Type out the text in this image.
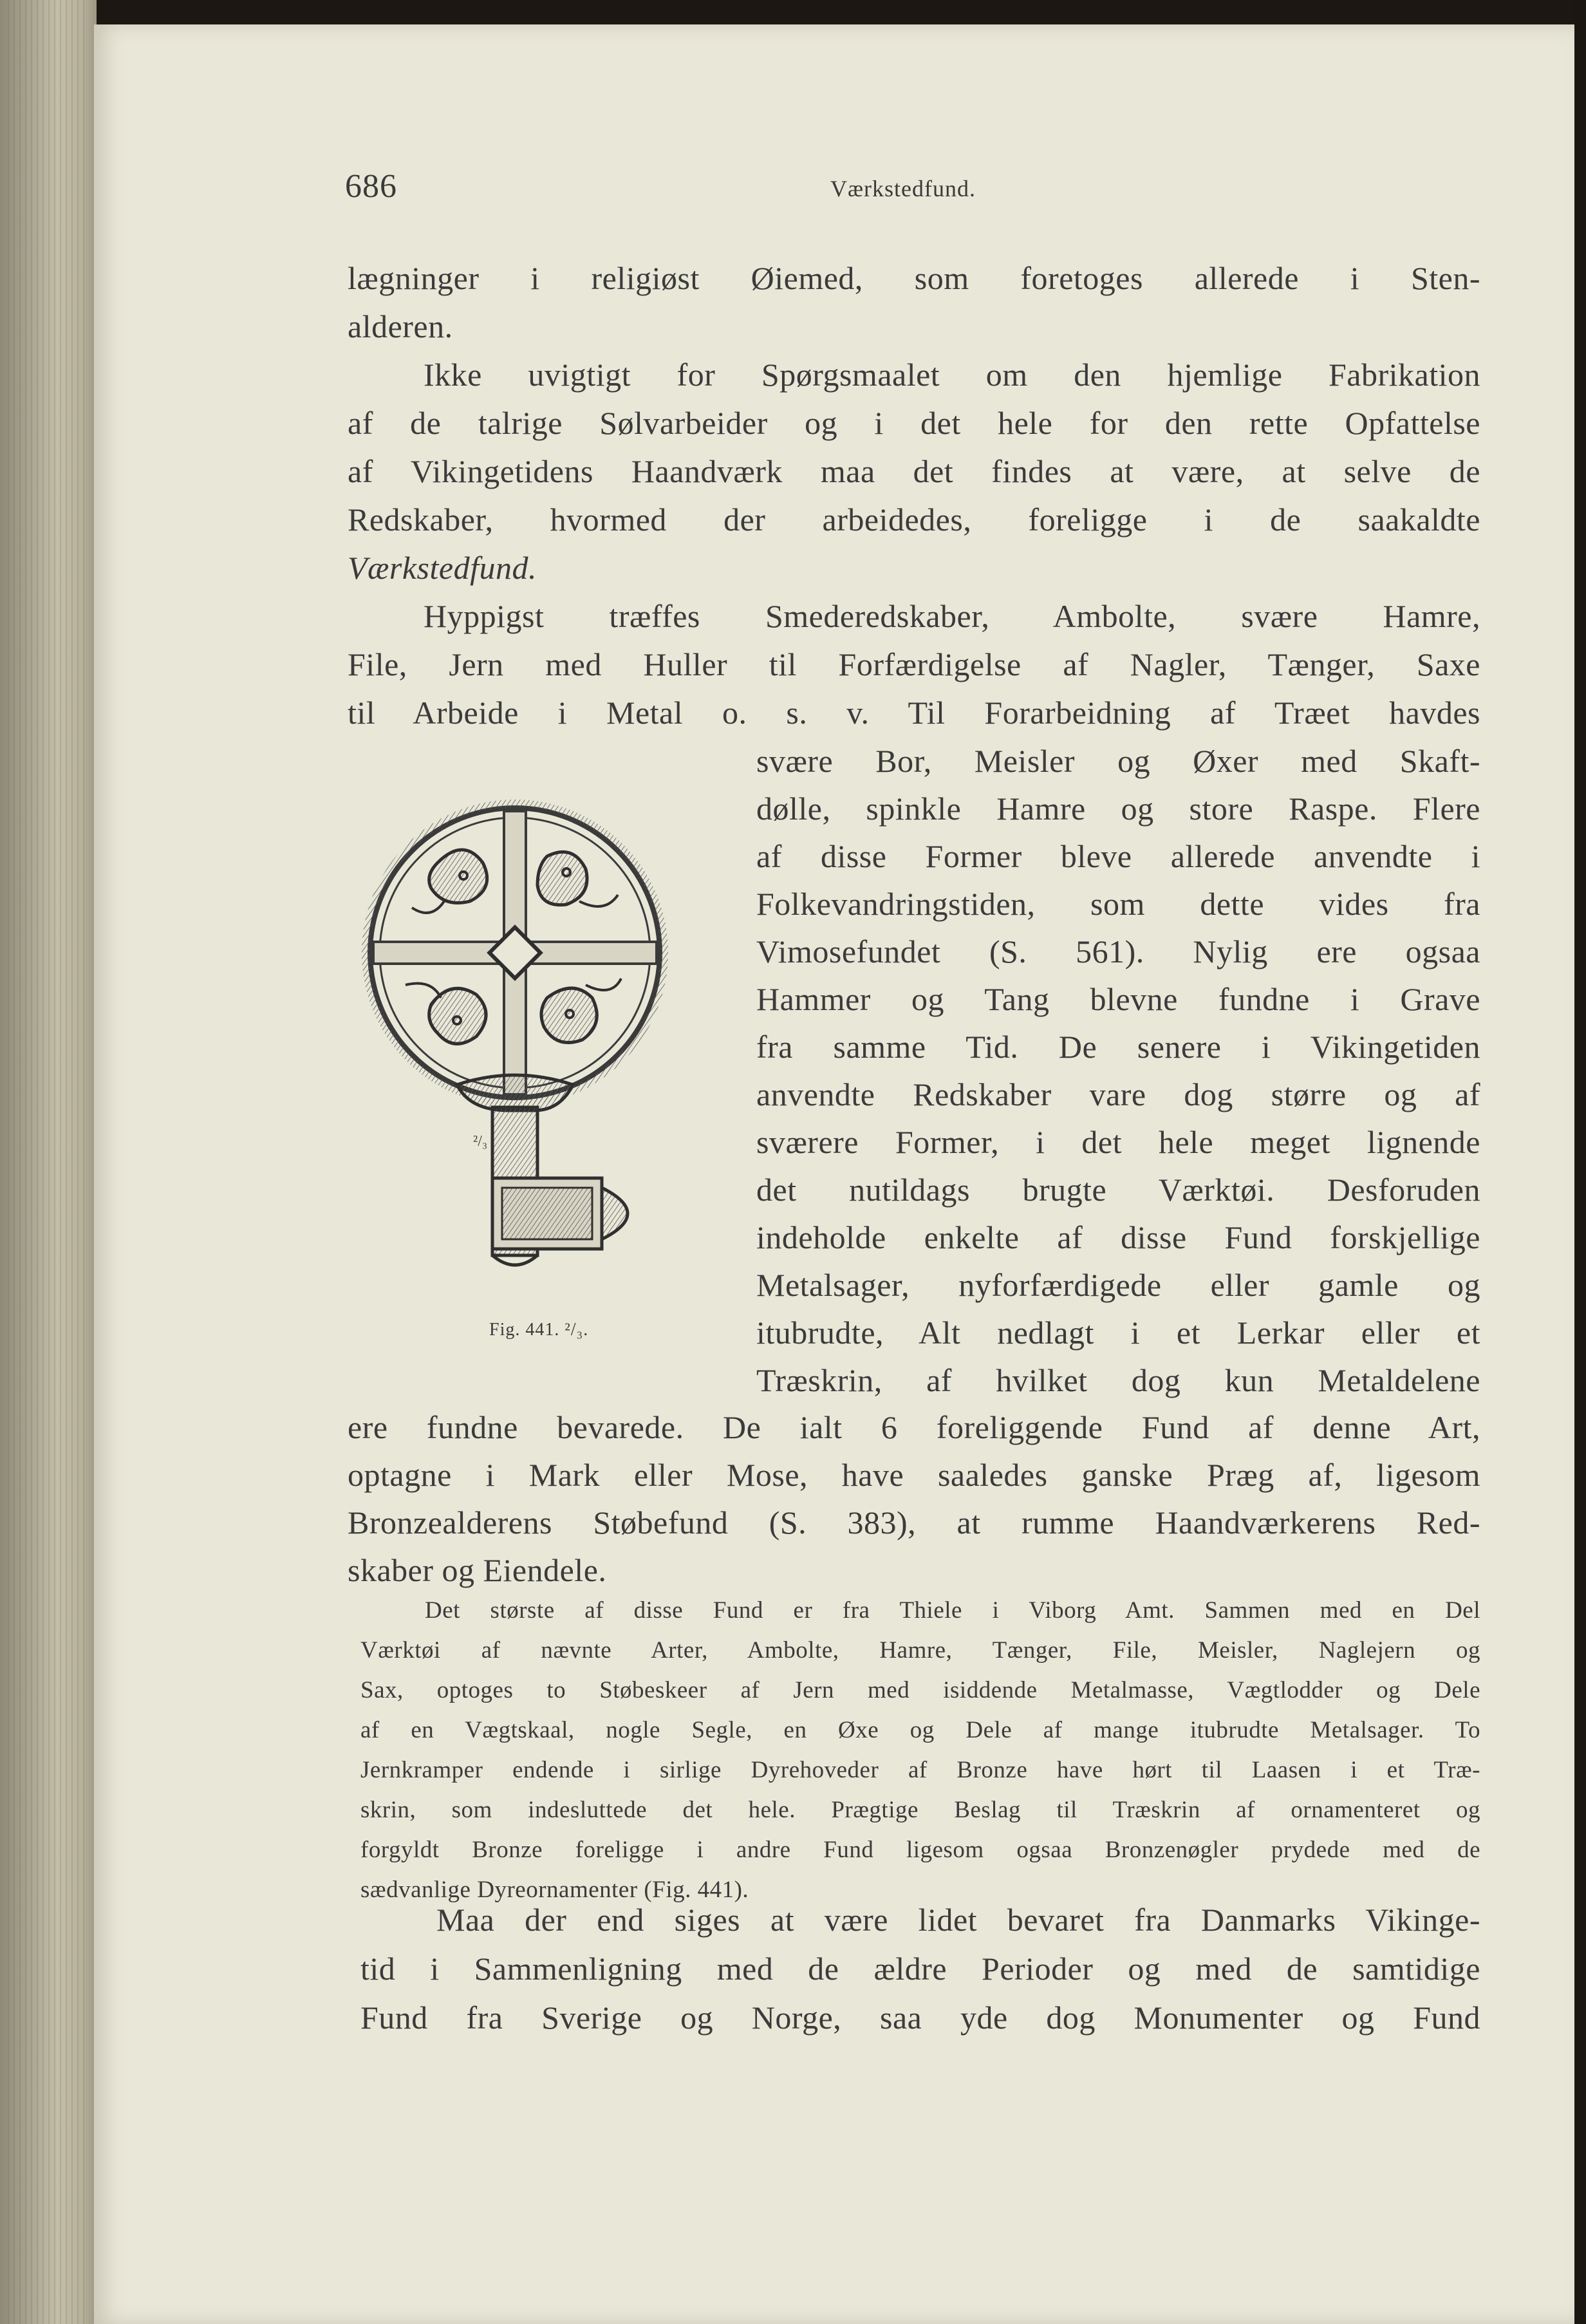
686	Værkstedfund.
lægninger i religiøst Øiemed, som foretoges allerede i Sten-
alderen.
Ikke uvigtigt for Spørgsmaalet om den hjemlige Fabrikation
af de talrige Sølvarbeider og i det hele for den rette Opfattelse
af Vikingetidens Haandværk maa det findes at være, at selve de
Redskaber, hvormed der arbeidedes, foreligge i de saakaldte
Værkstedfund.
Hyppigst træffes Smederedskaber, Ambolte, svære Hamre,
File, Jern med Huller til Forfærdigelse af Nagler, Tænger, Saxe
til Arbeide i Metal o. s. v. Til Forarbeidning af Træet havdes
svære Bor, Meisler og Øxer med Skaft-
dølle, spinkle Hamre og store Raspe. Flere
af disse Former bleve allerede anvendte i
Folkevandringstiden, som dette vides fra
Vimosefundet (S. 561). Nylig ere ogsaa
Hammer og Tang blevne fundne i Grave
fra samme Tid. De senere i Vikingetiden
anvendte Redskaber vare dog større og af
sværere Former, i det hele meget lignende
det nutildags brugte Værktøi. Desforuden
indeholde enkelte af disse Fund forskjellige
Metalsager, nyforfærdigede eller gamle og
itubrudte, Alt nedlagt i et Lerkar eller et
Træskrin, af hvilket dog kun Metaldelene
²/₃
Fig. 441. ²/₃.
ere fundne bevarede. De ialt 6 foreliggende Fund af denne Art,
optagne i Mark eller Mose, have saaledes ganske Præg af, ligesom
Bronzealderens Støbefund (S. 383), at rumme Haandværkerens Red-
skaber og Eiendele.
Det største af disse Fund er fra Thiele i Viborg Amt. Sammen med en Del
Værktøi af nævnte Arter, Ambolte, Hamre, Tænger, File, Meisler, Naglejern og
Sax, optoges to Støbeskeer af Jern med isiddende Metalmasse, Vægtlodder og Dele
af en Vægtskaal, nogle Segle, en Øxe og Dele af mange itubrudte Metalsager. To
Jernkramper endende i sirlige Dyrehoveder af Bronze have hørt til Laasen i et Træ-
skrin, som indesluttede det hele. Prægtige Beslag til Træskrin af ornamenteret og
forgyldt Bronze foreligge i andre Fund ligesom ogsaa Bronzenøgler prydede med de
sædvanlige Dyreornamenter (Fig. 441).
Maa der end siges at være lidet bevaret fra Danmarks Vikinge-
tid i Sammenligning med de ældre Perioder og med de samtidige
Fund fra Sverige og Norge, saa yde dog Monumenter og Fund
